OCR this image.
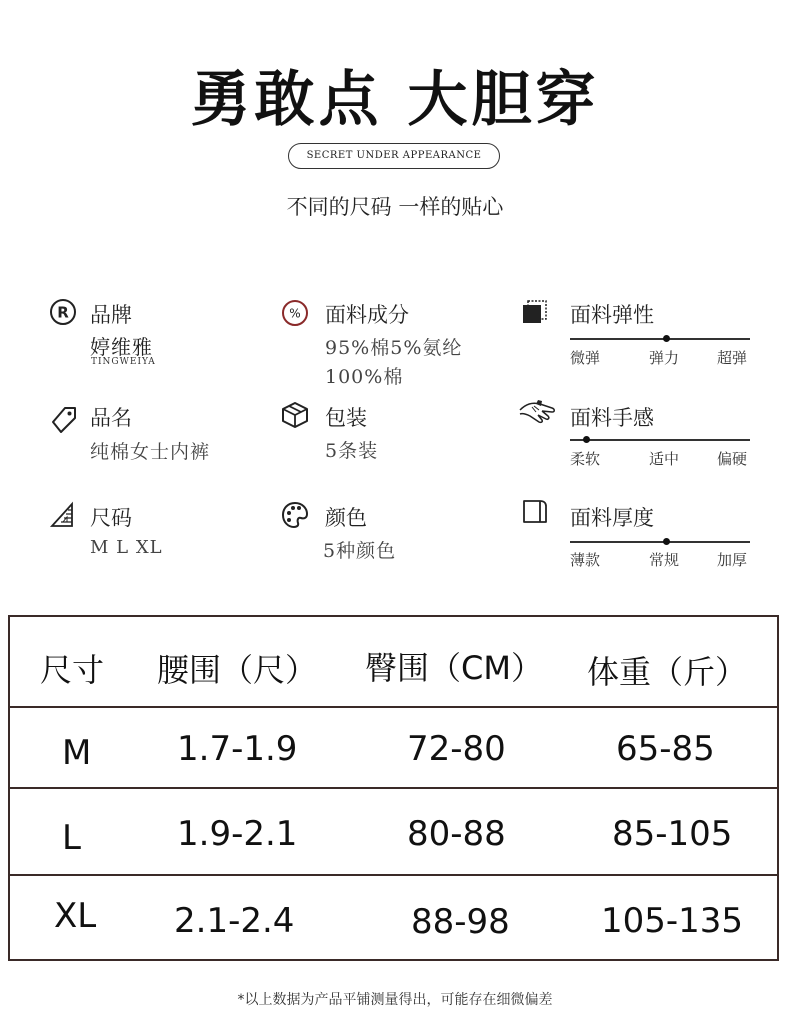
勇敢点 大胆穿
SECRET UNDER APPEARANCE
不同的尺码 一样的贴心
R 品牌
婷维雅
TINGWEIYA
品名
纯棉女士内裤
尺码
M L XL
% 面料成分
95%棉5%氨纶
100%棉
包装
5条装
颜色
5种颜色
面料弹性
微弹	弹力	超弹
面料手感
柔软	适中	偏硬
面料厚度
薄款	常规	加厚
尺寸 腰围（尺） 臀围（CM） 体重（斤）
M	1.7-1.9	72-80	65-85
L	1.9-2.1	80-88	85-105
XL 2.1-2.4	88-98	105-135
*以上数据为产品平铺测量得出，可能存在细微偏差
